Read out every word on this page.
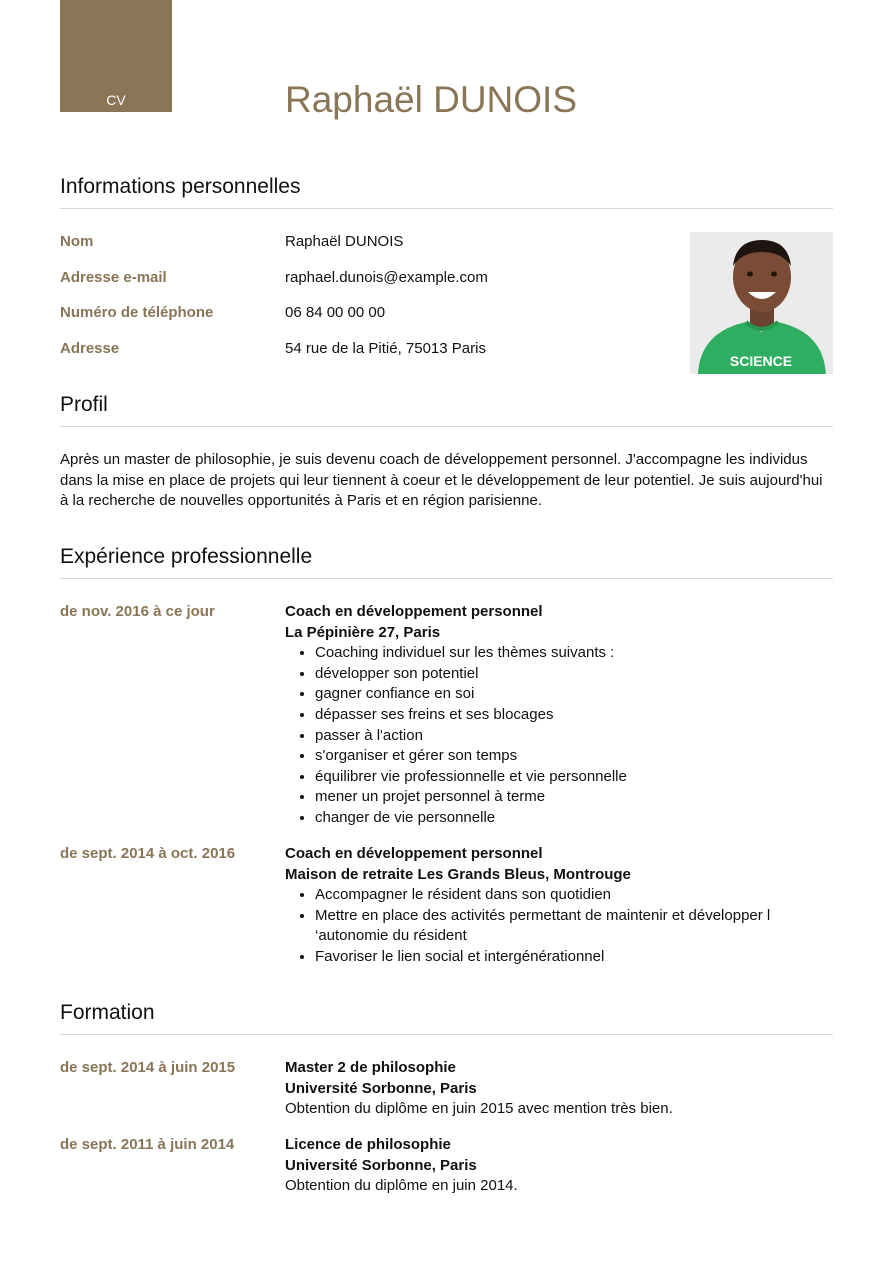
CV	Raphaël DUNOIS
Informations personnelles
Nom	Raphaël DUNOIS
Adresse e-mail	raphael.dunois@example.com
Numéro de téléphone	06 84 00 00 00
Adresse	54 rue de la Pitié, 75013 Paris
SCIENCE
Profil

Après un master de philosophie, je suis devenu coach de développement personnel. J'accompagne les individus dans la mise en place de projets qui leur tiennent à coeur et le développement de leur potentiel. Je suis aujourd'hui à la recherche de nouvelles opportunités à Paris et en région parisienne.

Expérience professionnelle
de nov. 2016 à ce jour	Coach en développement personnel
La Pépinière 27, Paris
• Coaching individuel sur les thèmes suivants :
• développer son potentiel
• gagner confiance en soi
• dépasser ses freins et ses blocages
• passer à l'action
• s'organiser et gérer son temps
• équilibrer vie professionnelle et vie personnelle
• mener un projet personnel à terme
• changer de vie personnelle
de sept. 2014 à oct. 2016	Coach en développement personnel
Maison de retraite Les Grands Bleus, Montrouge
• Accompagner le résident dans son quotidien
• Mettre en place des activités permettant de maintenir et développer l ‘autonomie du résident
• Favoriser le lien social et intergénérationnel
Formation
de sept. 2014 à juin 2015	Master 2 de philosophie
Université Sorbonne, Paris
Obtention du diplôme en juin 2015 avec mention très bien.
de sept. 2011 à juin 2014	Licence de philosophie
Université Sorbonne, Paris
Obtention du diplôme en juin 2014.
